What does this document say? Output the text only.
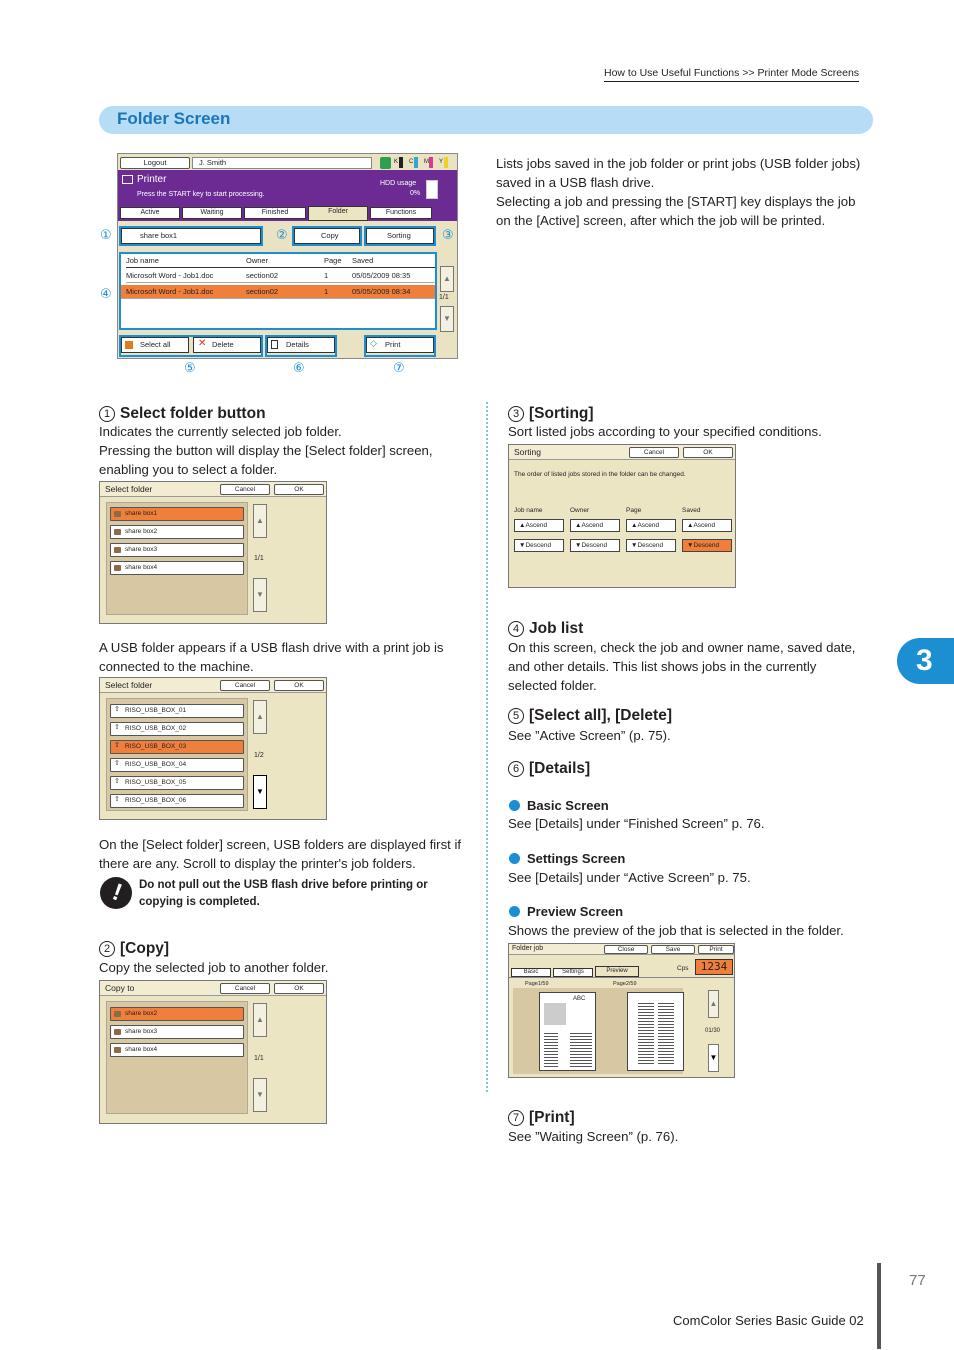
How to Use Useful Functions >> Printer Mode Screens
Folder Screen
3
Lists jobs saved in the job folder or print jobs (USB folder jobs)
saved in a USB flash drive.
Selecting a job and pressing the [START] key displays the job
on the [Active] screen, after which the job will be printed.
Logout	J. Smith	K C M Y
Printer
Press the START key to start processing.
HDD usage
0%
Active	Waiting	Finished	Folder	Functions
share box1	Copy	Sorting
Job name	Owner	Page Saved
Microsoft Word - Job1.doc	section02	1	05/05/2009 08:35
Microsoft Word - Job1.doc	section02	1	05/05/2009 08:34
▲
1/1
▼
Select all	Delete	Details	Print
✕	◇
①	②	③
④
⑤	⑥	⑦
1 Select folder button
Indicates the currently selected job folder.
Pressing the button will display the [Select folder] screen,
enabling you to select a folder.
Select folder	Cancel	OK
share box1
share box2
share box3
share box4
▲
1/1
▼
A USB folder appears if a USB flash drive with a print job is
connected to the machine.
Select folder	Cancel	OK
⇧ RISO_USB_BOX_01
⇧ RISO_USB_BOX_02
⇧ RISO_USB_BOX_03
⇧ RISO_USB_BOX_04
⇧ RISO_USB_BOX_05
⇧ RISO_USB_BOX_06
▲
1/2
▼
On the [Select folder] screen, USB folders are displayed first if
there are any. Scroll to display the printer's job folders.
! Do not pull out the USB flash drive before printing or
copying is completed.
2 [Copy]
Copy the selected job to another folder.
Copy to	Cancel	OK
share box2
share box3
share box4
▲
1/1
▼
3 [Sorting]
Sort listed jobs according to your specified conditions.
Sorting	Cancel	OK
The order of listed jobs stored in the folder can be changed.
Job name	Owner	Page	Saved
▲Ascend	▲Ascend	▲Ascend	▲Ascend
▼Descend	▼Descend	▼Descend	▼Descend
4 Job list
On this screen, check the job and owner name, saved date,
and other details. This list shows jobs in the currently
selected folder.
5 [Select all], [Delete]
See ”Active Screen” (p. 75).
6 [Details]
Basic Screen
See [Details] under “Finished Screen” p. 76.
Settings Screen
See [Details] under “Active Screen” p. 75.
Preview Screen
Shows the preview of the job that is selected in the folder.
Folder job	Close	Save	Print
Basic	Settings	Preview	Cps	1234
Page1/59	Page2/59
ABC	▲
01/30
▼
7 [Print]
See ”Waiting Screen” (p. 76).
77
ComColor Series Basic Guide 02
